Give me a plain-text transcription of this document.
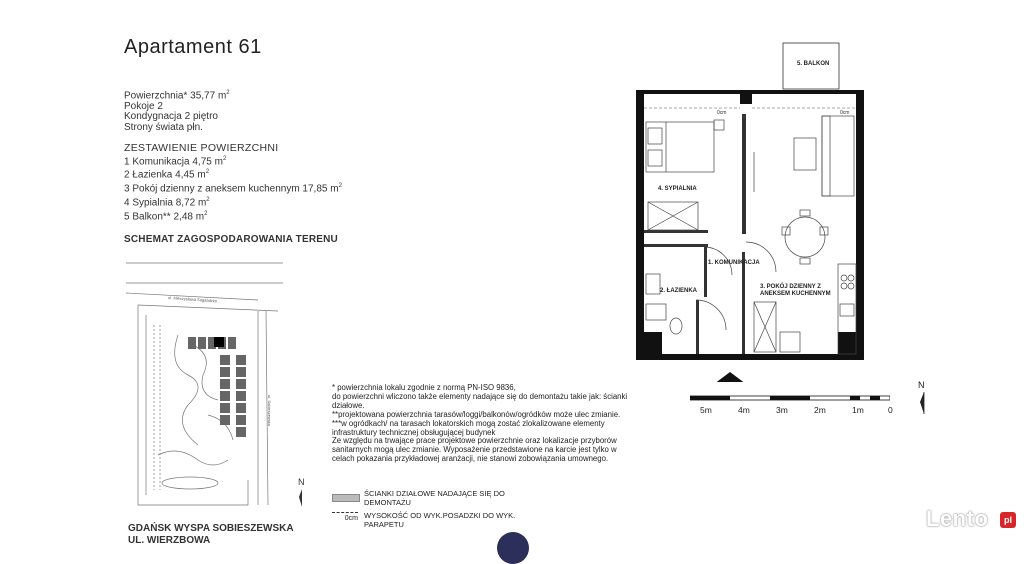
Apartament 61
Powierzchnia* 35,77 $m^2$
Pokoje 2
Kondygnacja 2 piętro
Strony świata płn.
ZESTAWIENIE POWIERZCHNI
1 Komunikacja 4,75 $m^2$
2 Łazienka 4,45 $m^2$
3 Pokój dzienny z aneksem kuchennym 17,85 $m^2$
4 Sypialnia 8,72 $m^2$
5 Balkon** 2,48 $m^2$
SCHEMAT ZAGOSPODAROWANIA TERENU
ul. Mieczysława Sogaadzko
ul. Sobieszewska
N
GDAŃSK WYSPA SOBIESZEWSKA
UL. WIERZBOWA
* powierzchnia lokalu zgodnie z normą PN-ISO 9836,
do powierzchni wliczono także elementy nadające się do demontażu takie jak: ścianki działowe.
**projektowana powierzchnia tarasów/loggi/balkonów/ogródków może ulec zmianie.
***w ogródkach/ na tarasach lokatorskich mogą zostać zlokalizowane elementy infrastruktury technicznej obsługującej budynek
Ze względu na trwające prace projektowe powierzchnie oraz lokalizacje przyborów sanitarnych mogą ulec zmianie. Wyposażenie przedstawione na karcie jest tylko w celach pokazania przykładowej aranżacji, nie stanowi zobowiązania umownego.
ŚCIANKI DZIAŁOWE NADAJĄCE SIĘ DO DEMONTAŻU
0cm WYSOKOŚĆ OD WYK.POSADZKI DO WYK. PARAPETU
0cm	0cm
5. BALKON
4. SYPIALNIA
1. KOMUNIKACJA
2. ŁAZIENKA
3. POKÓJ DZIENNY Z
ANEKSEM KUCHENNYM
5m	4m	3m	2m	1m	0
N
Lento	pl
